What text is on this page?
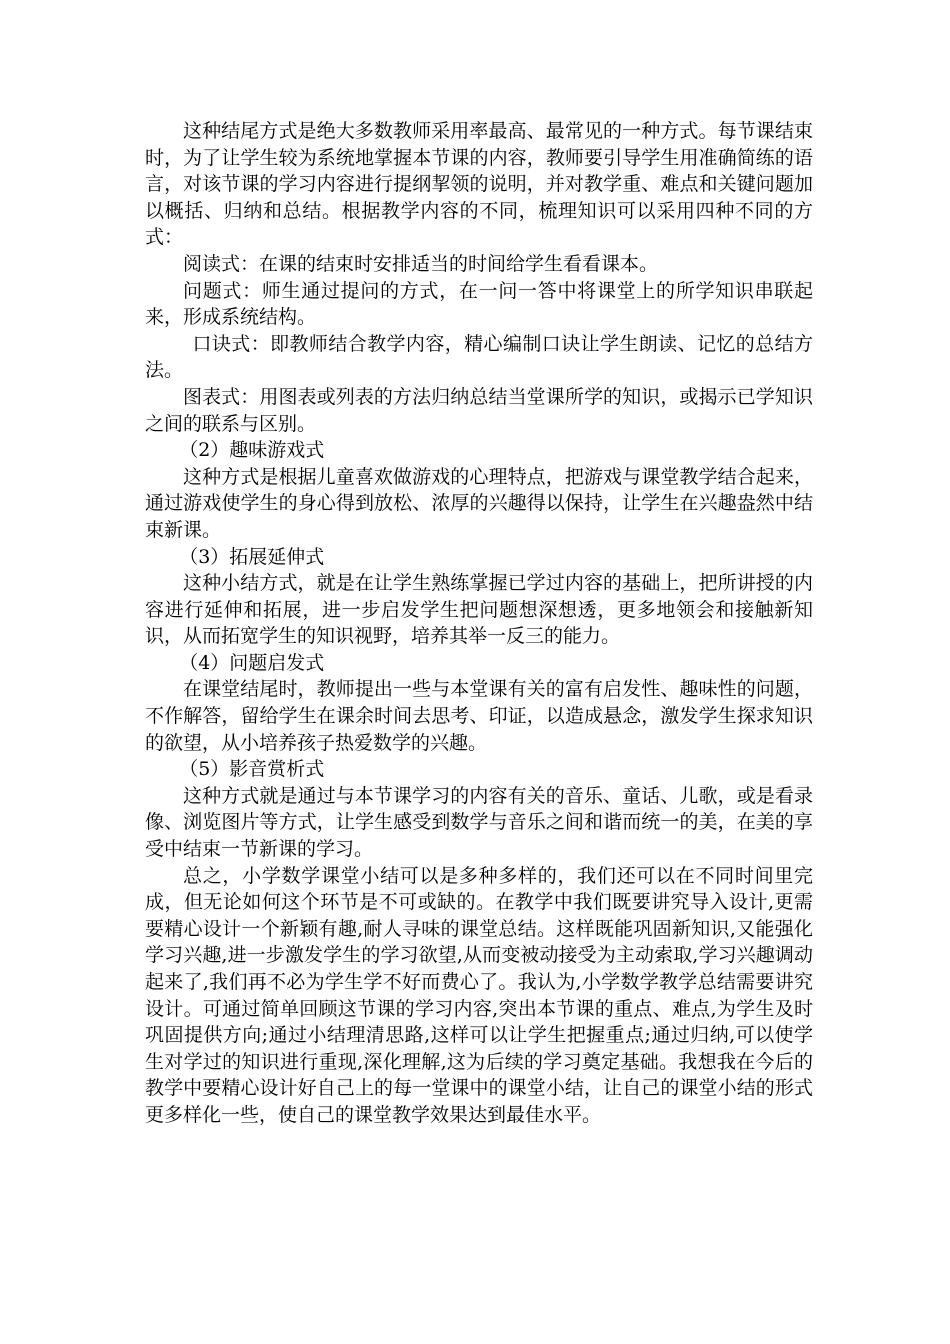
这种结尾方式是绝大多数教师采用率最高、最常见的一种方式。每节课结束时，为了让学生较为系统地掌握本节课的内容，教师要引导学生用准确简练的语言，对该节课的学习内容进行提纲挈领的说明，并对教学重、难点和关键问题加以概括、归纳和总结。根据教学内容的不同，梳理知识可以采用四种不同的方式：

阅读式：在课的结束时安排适当的时间给学生看看课本。

问题式：师生通过提问的方式，在一问一答中将课堂上的所学知识串联起来，形成系统结构。

口诀式：即教师结合教学内容，精心编制口诀让学生朗读、记忆的总结方法。

图表式：用图表或列表的方法归纳总结当堂课所学的知识，或揭示已学知识之间的联系与区别。

（2）趣味游戏式

这种方式是根据儿童喜欢做游戏的心理特点，把游戏与课堂教学结合起来，通过游戏使学生的身心得到放松、浓厚的兴趣得以保持，让学生在兴趣盎然中结束新课。

（3）拓展延伸式

这种小结方式，就是在让学生熟练掌握已学过内容的基础上，把所讲授的内容进行延伸和拓展，进一步启发学生把问题想深想透，更多地领会和接触新知识，从而拓宽学生的知识视野，培养其举一反三的能力。

（4）问题启发式

在课堂结尾时，教师提出一些与本堂课有关的富有启发性、趣味性的问题，不作解答，留给学生在课余时间去思考、印证，以造成悬念，激发学生探求知识的欲望，从小培养孩子热爱数学的兴趣。

（5）影音赏析式

这种方式就是通过与本节课学习的内容有关的音乐、童话、儿歌，或是看录像、浏览图片等方式，让学生感受到数学与音乐之间和谐而统一的美，在美的享受中结束一节新课的学习。

总之，小学数学课堂小结可以是多种多样的，我们还可以在不同时间里完成，但无论如何这个环节是不可或缺的。在教学中我们既要讲究导入设计,更需要精心设计一个新颖有趣,耐人寻味的课堂总结。这样既能巩固新知识,又能强化学习兴趣,进一步激发学生的学习欲望,从而变被动接受为主动索取,学习兴趣调动起来了,我们再不必为学生学不好而费心了。我认为,小学数学教学总结需要讲究设计。可通过简单回顾这节课的学习内容,突出本节课的重点、难点,为学生及时巩固提供方向;通过小结理清思路,这样可以让学生把握重点;通过归纳,可以使学生对学过的知识进行重现,深化理解,这为后续的学习奠定基础。我想我在今后的教学中要精心设计好自己上的每一堂课中的课堂小结，让自己的课堂小结的形式更多样化一些，使自己的课堂教学效果达到最佳水平。
